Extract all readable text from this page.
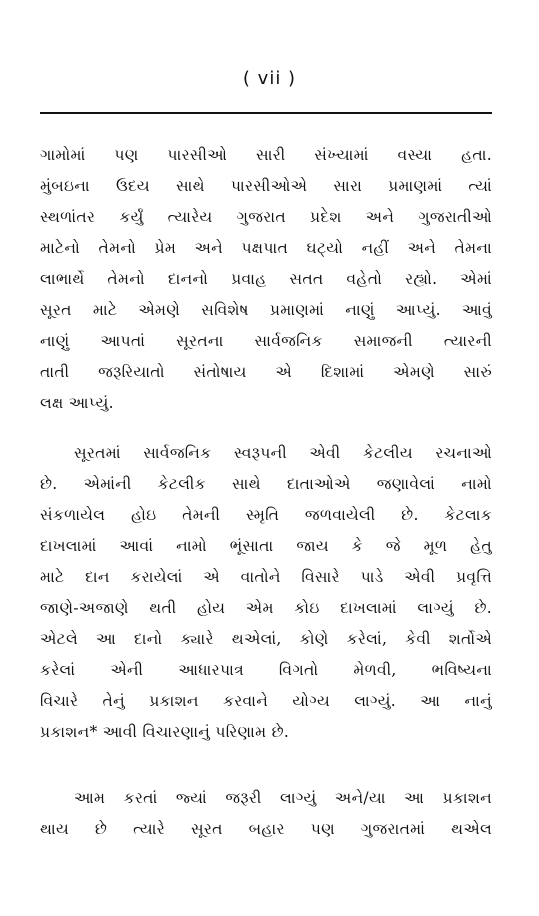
( vii )
ગામોમાં પણ પારસીઓ સારી સંખ્યામાં વસ્યા હતા.
મુંબઇના ઉદય સાથે પારસીઓએ સારા પ્રમાણમાં ત્યાં
સ્થળાંતર કર્યું ત્યારેય ગુજરાત પ્રદેશ અને ગુજરાતીઓ
માટેનો તેમનો પ્રેમ અને પક્ષપાત ઘટ્યો નહીં અને તેમના
લાભાર્થે તેમનો દાનનો પ્રવાહ સતત વહેતો રહ્યો. એમાં
સૂરત માટે એમણે સવિશેષ પ્રમાણમાં નાણું આપ્યું. આવું
નાણું આપતાં સૂરતના સાર્વજનિક સમાજની ત્યારની
તાતી જરૂરિયાતો સંતોષાય એ દિશામાં એમણે સારું
લક્ષ આપ્યું.
સૂરતમાં સાર્વજનિક સ્વરૂપની એવી કેટલીય રચનાઓ
છે. એમાંની કેટલીક સાથે દાતાઓએ જણાવેલાં નામો
સંકળાયેલ હોઇ તેમની સ્મૃતિ જળવાયેલી છે. કેટલાક
દાખલામાં આવાં નામો ભૂંસાતા જાય કે જે મૂળ હેતુ
માટે દાન કરાયેલાં એ વાતોને વિસારે પાડે એવી પ્રવૃત્તિ
જાણે-અજાણે થતી હોય એમ કોઇ દાખલામાં લાગ્યું છે.
એટલે આ દાનો ક્યારે થએલાં, કોણે કરેલાં, કેવી શર્તોએ
કરેલાં એની આધારપાત્ર વિગતો મેળવી, ભવિષ્યના
વિચારે તેનું પ્રકાશન કરવાને યોગ્ય લાગ્યું. આ નાનું
પ્રકાશન* આવી વિચારણાનું પરિણામ છે.
આમ કરતાં જ્યાં જરૂરી લાગ્યું અને/યા આ પ્રકાશન
થાય છે ત્યારે સૂરત બહાર પણ ગુજરાતમાં થએલ
